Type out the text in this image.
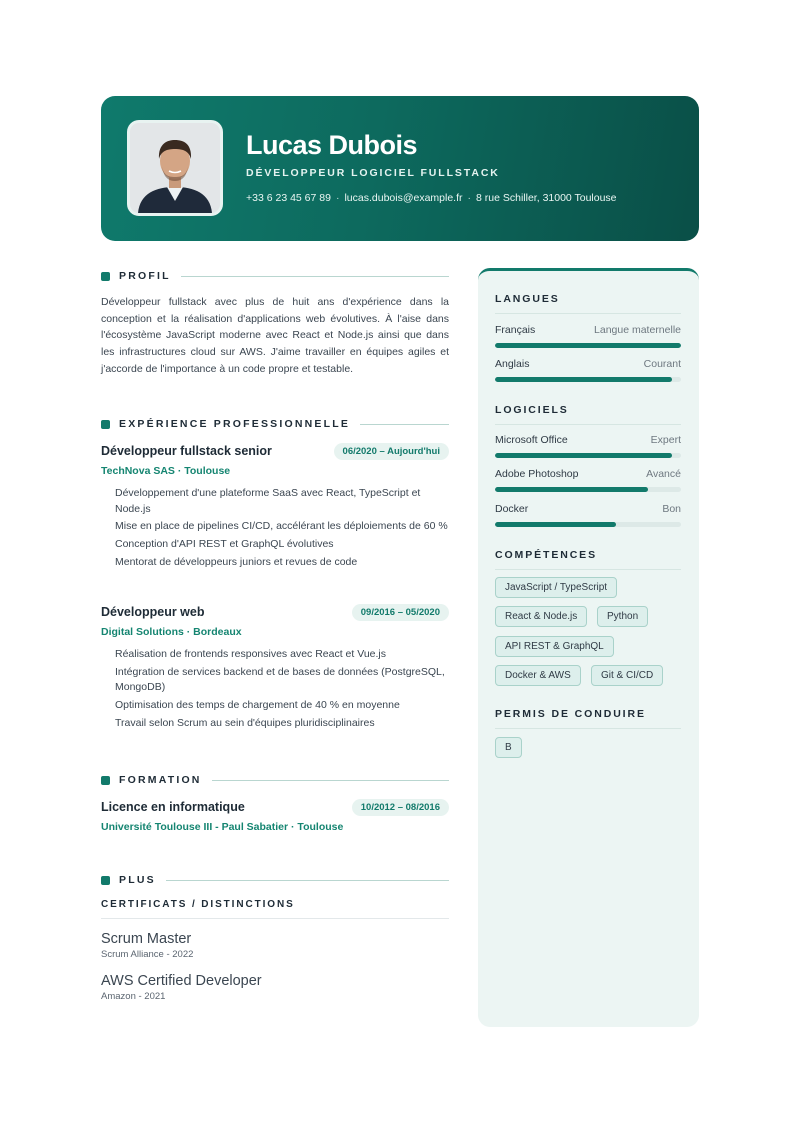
Lucas Dubois
DÉVELOPPEUR LOGICIEL FULLSTACK
+33 6 23 45 67 89 · lucas.dubois@example.fr · 8 rue Schiller, 31000 Toulouse
PROFIL

Développeur fullstack avec plus de huit ans d'expérience dans la conception et la réalisation d'applications web évolutives. À l'aise dans l'écosystème JavaScript moderne avec React et Node.js ainsi que dans les infrastructures cloud sur AWS. J'aime travailler en équipes agiles et j'accorde de l'importance à un code propre et testable.

EXPÉRIENCE PROFESSIONNELLE
Développeur fullstack senior	06/2020 – Aujourd'hui
TechNova SAS · Toulouse
Développement d'une plateforme SaaS avec React, TypeScript et Node.js
Mise en place de pipelines CI/CD, accélérant les déploiements de 60 %
Conception d'API REST et GraphQL évolutives
Mentorat de développeurs juniors et revues de code
Développeur web	09/2016 – 05/2020
Digital Solutions · Bordeaux
Réalisation de frontends responsives avec React et Vue.js
Intégration de services backend et de bases de données (PostgreSQL, MongoDB)
Optimisation des temps de chargement de 40 % en moyenne
Travail selon Scrum au sein d'équipes pluridisciplinaires
FORMATION
Licence en informatique	10/2012 – 08/2016
Université Toulouse III - Paul Sabatier · Toulouse
PLUS
CERTIFICATS / DISTINCTIONS
Scrum Master
Scrum Alliance - 2022
AWS Certified Developer
Amazon - 2021
LANGUES
Français	Langue maternelle
Anglais	Courant
LOGICIELS
Microsoft Office	Expert
Adobe Photoshop	Avancé
Docker	Bon
COMPÉTENCES
JavaScript / TypeScript
React & Node.js	Python
API REST & GraphQL
Docker & AWS	Git & CI/CD
PERMIS DE CONDUIRE
B
